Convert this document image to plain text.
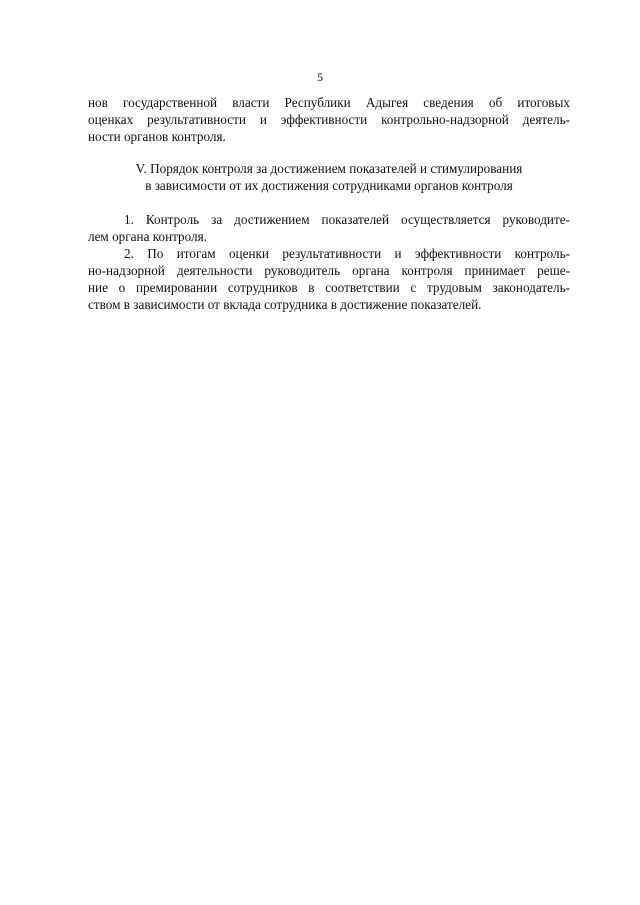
5
нов государственной власти Республики Адыгея сведения об итоговых
оценках результативности и эффективности контрольно-надзорной деятель-
ности органов контроля.
V. Порядок контроля за достижением показателей и стимулирования
в зависимости от их достижения сотрудниками органов контроля
1. Контроль за достижением показателей осуществляется руководите-
лем органа контроля.
2. По итогам оценки результативности и эффективности контроль-
но-надзорной деятельности руководитель органа контроля принимает реше-
ние о премировании сотрудников в соответствии с трудовым законодатель-
ством в зависимости от вклада сотрудника в достижение показателей.
